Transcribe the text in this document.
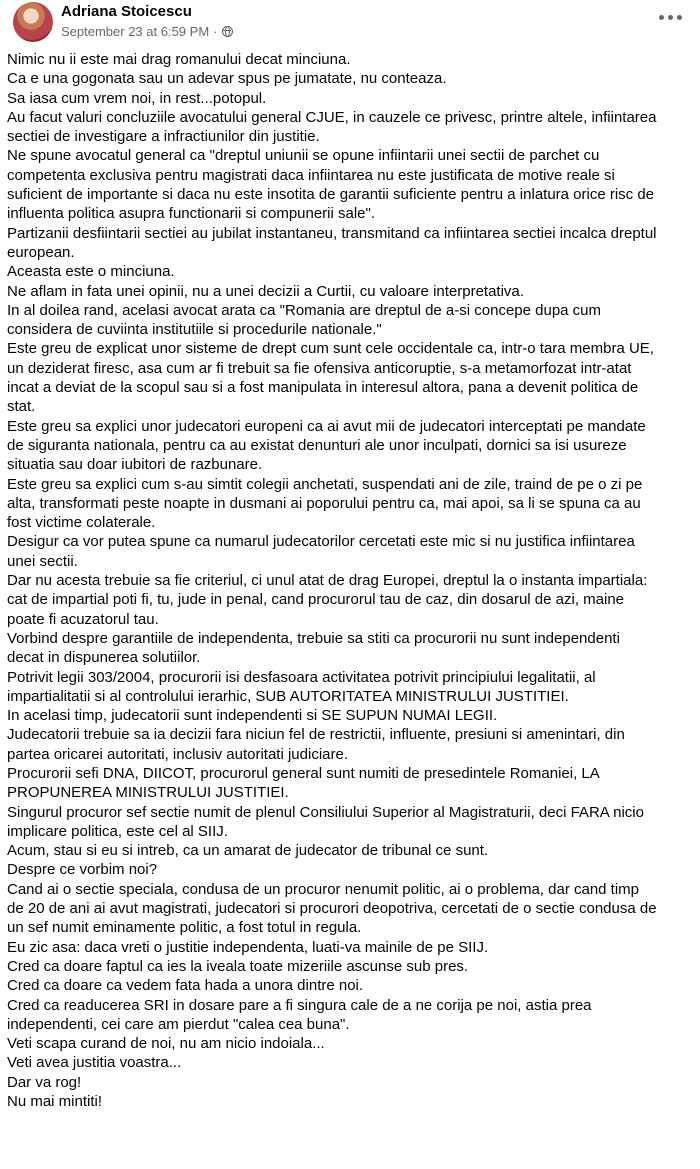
Adriana Stoicescu
September 23 at 6:59 PM ·

Nimic nu ii este mai drag romanului decat minciuna.

Ca e una gogonata sau un adevar spus pe jumatate, nu conteaza.

Sa iasa cum vrem noi, in rest...potopul.

Au facut valuri concluziile avocatului general CJUE, in cauzele ce privesc, printre altele, infiintarea

sectiei de investigare a infractiunilor din justitie.

Ne spune avocatul general ca "dreptul uniunii se opune infiintarii unei sectii de parchet cu

competenta exclusiva pentru magistrati daca infiintarea nu este justificata de motive reale si

suficient de importante si daca nu este insotita de garantii suficiente pentru a inlatura orice risc de

influenta politica asupra functionarii si compunerii sale".

Partizanii desfiintarii sectiei au jubilat instantaneu, transmitand ca infiintarea sectiei incalca dreptul

european.

Aceasta este o minciuna.

Ne aflam in fata unei opinii, nu a unei decizii a Curtii, cu valoare interpretativa.

In al doilea rand, acelasi avocat arata ca "Romania are dreptul de a-si concepe dupa cum

considera de cuviinta institutiile si procedurile nationale."

Este greu de explicat unor sisteme de drept cum sunt cele occidentale ca, intr-o tara membra UE,

un deziderat firesc, asa cum ar fi trebuit sa fie ofensiva anticoruptie, s-a metamorfozat intr-atat

incat a deviat de la scopul sau si a fost manipulata in interesul altora, pana a devenit politica de

stat.

Este greu sa explici unor judecatori europeni ca ai avut mii de judecatori interceptati pe mandate

de siguranta nationala, pentru ca au existat denunturi ale unor inculpati, dornici sa isi usureze

situatia sau doar iubitori de razbunare.

Este greu sa explici cum s-au simtit colegii anchetati, suspendati ani de zile, traind de pe o zi pe

alta, transformati peste noapte in dusmani ai poporului pentru ca, mai apoi, sa li se spuna ca au

fost victime colaterale.

Desigur ca vor putea spune ca numarul judecatorilor cercetati este mic si nu justifica infiintarea

unei sectii.

Dar nu acesta trebuie sa fie criteriul, ci unul atat de drag Europei, dreptul la o instanta impartiala:

cat de impartial poti fi, tu, jude in penal, cand procurorul tau de caz, din dosarul de azi, maine

poate fi acuzatorul tau.

Vorbind despre garantiile de independenta, trebuie sa stiti ca procurorii nu sunt independenti

decat in dispunerea solutiilor.

Potrivit legii 303/2004, procurorii isi desfasoara activitatea potrivit principiului legalitatii, al

impartialitatii si al controlului ierarhic, SUB AUTORITATEA MINISTRULUI JUSTITIEI.

In acelasi timp, judecatorii sunt independenti si SE SUPUN NUMAI LEGII.

Judecatorii trebuie sa ia decizii fara niciun fel de restrictii, influente, presiuni si amenintari, din

partea oricarei autoritati, inclusiv autoritati judiciare.

Procurorii sefi DNA, DIICOT, procurorul general sunt numiti de presedintele Romaniei, LA

PROPUNEREA MINISTRULUI JUSTITIEI.

Singurul procuror sef sectie numit de plenul Consiliului Superior al Magistraturii, deci FARA nicio

implicare politica, este cel al SIIJ.

Acum, stau si eu si intreb, ca un amarat de judecator de tribunal ce sunt.

Despre ce vorbim noi?

Cand ai o sectie speciala, condusa de un procuror nenumit politic, ai o problema, dar cand timp

de 20 de ani ai avut magistrati, judecatori si procurori deopotriva, cercetati de o sectie condusa de

un sef numit eminamente politic, a fost totul in regula.

Eu zic asa: daca vreti o justitie independenta, luati-va mainile de pe SIIJ.

Cred ca doare faptul ca ies la iveala toate mizeriile ascunse sub pres.

Cred ca doare ca vedem fata hada a unora dintre noi.

Cred ca readucerea SRI in dosare pare a fi singura cale de a ne corija pe noi, astia prea

independenti, cei care am pierdut "calea cea buna".

Veti scapa curand de noi, nu am nicio indoiala...

Veti avea justitia voastra...

Dar va rog!

Nu mai mintiti!
